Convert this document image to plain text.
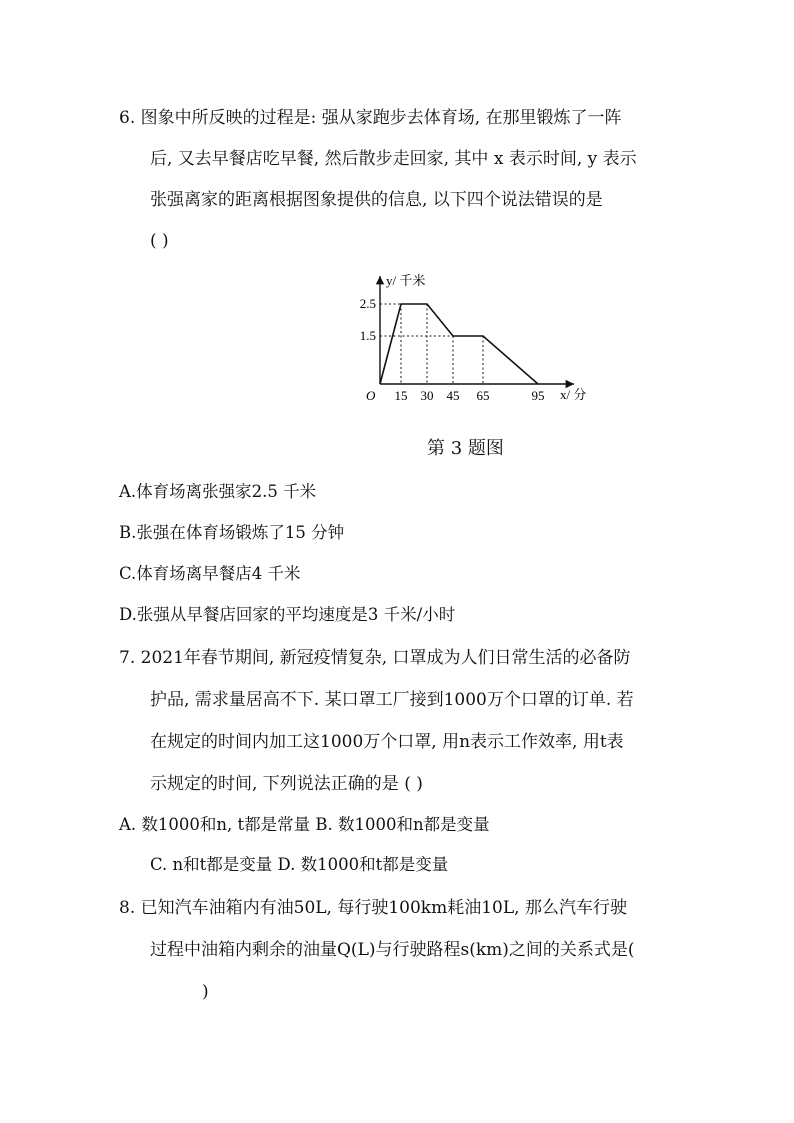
6. 图象中所反映的过程是: 强从家跑步去体育场, 在那里锻炼了一阵
后, 又去早餐店吃早餐, 然后散步走回家, 其中 x 表示时间, y 表示
张强离家的距离根据图象提供的信息, 以下四个说法错误的是
( )
15 30 45 65	95
1.5
2.5
O
y/ 千米
x/ 分
第 3 题图
A.体育场离张强家2.5 千米
B.张强在体育场锻炼了15 分钟
C.体育场离早餐店4 千米
D.张强从早餐店回家的平均速度是3 千米/小时
7. 2021年春节期间, 新冠疫情复杂, 口罩成为人们日常生活的必备防
护品, 需求量居高不下. 某口罩工厂接到1000万个口罩的订单. 若
在规定的时间内加工这1000万个口罩, 用n表示工作效率, 用t表
示规定的时间, 下列说法正确的是 ( )
A. 数1000和n, t都是常量 B. 数1000和n都是变量
C. n和t都是变量 D. 数1000和t都是变量
8. 已知汽车油箱内有油50L, 每行驶100km耗油10L, 那么汽车行驶
过程中油箱内剩余的油量Q(L)与行驶路程s(km)之间的关系式是(
)
